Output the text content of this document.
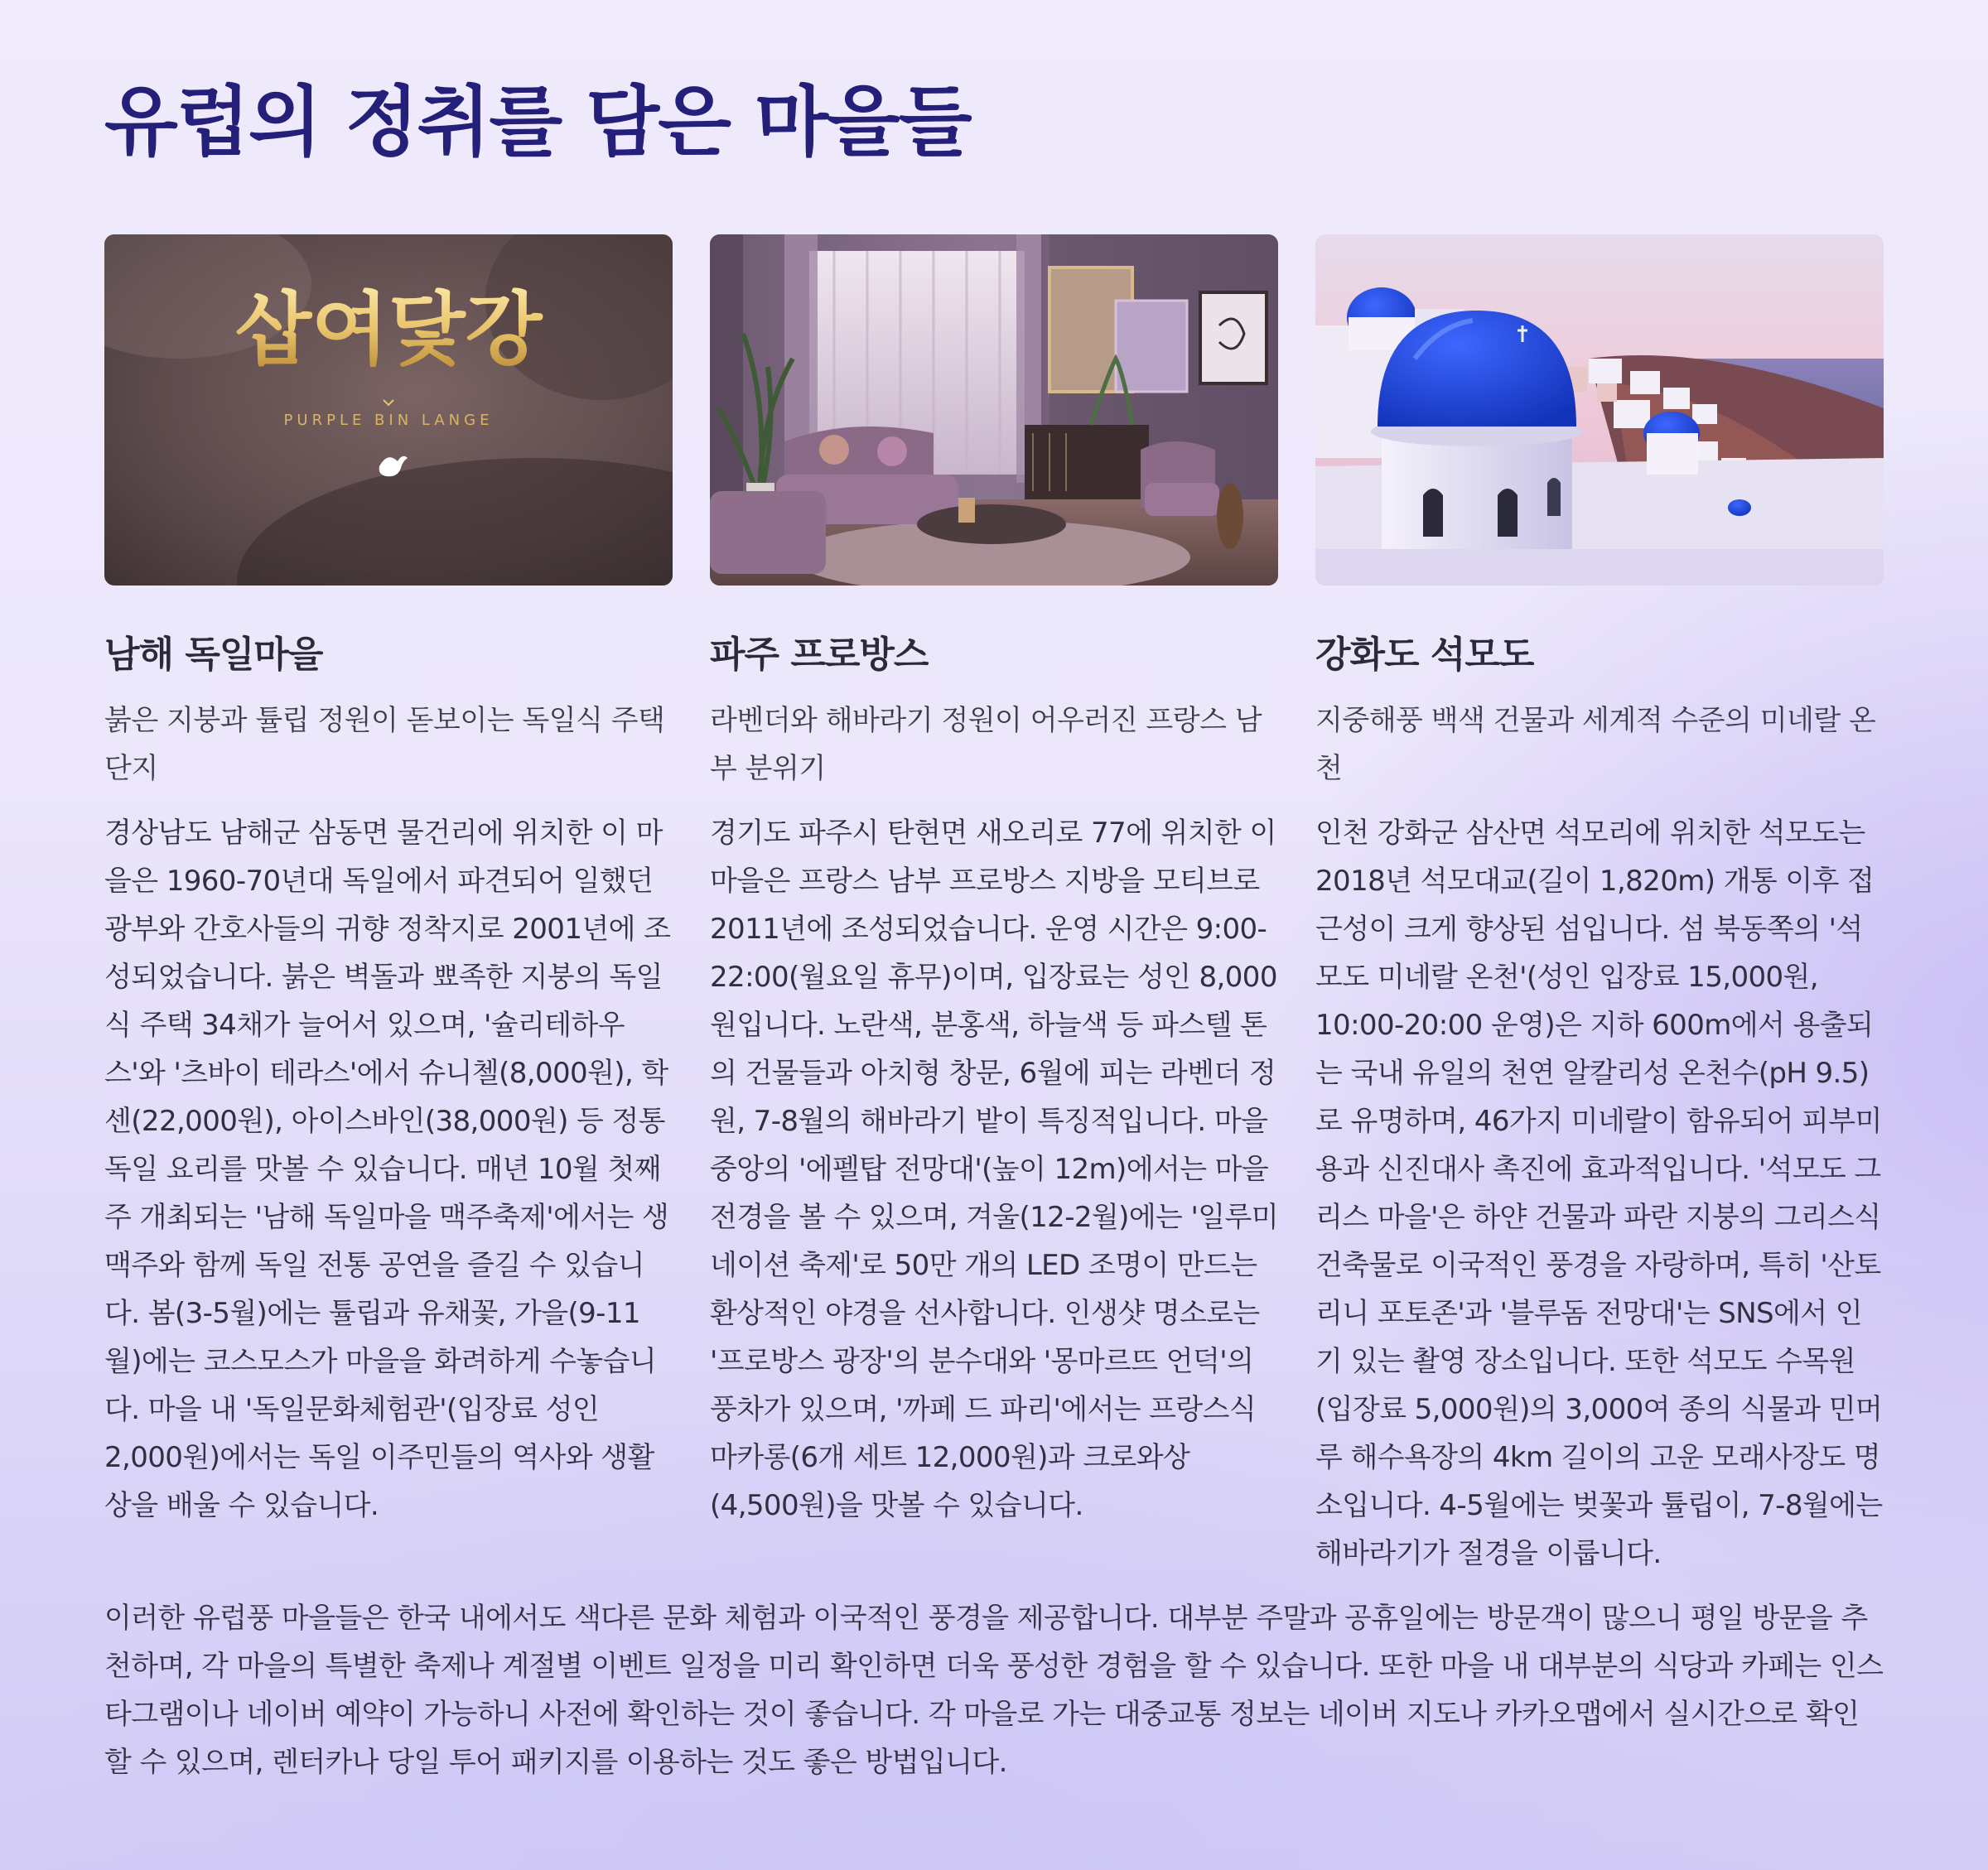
유럽의 정취를 담은 마을들
삽여닻강
PURPLE BIN LANGE
남해 독일마을
붉은 지붕과 튤립 정원이 돋보이는 독일식 주택 단지
경상남도 남해군 삼동면 물건리에 위치한 이 마을은 1960-70년대 독일에서 파견되어 일했던 광부와 간호사들의 귀향 정착지로 2001년에 조성되었습니다. 붉은 벽돌과 뾰족한 지붕의 독일식 주택 34채가 늘어서 있으며, '슐리테하우스'와 '츠바이 테라스'에서 슈니첼(8,000원), 학센(22,000원), 아이스바인(38,000원) 등 정통 독일 요리를 맛볼 수 있습니다. 매년 10월 첫째 주 개최되는 '남해 독일마을 맥주축제'에서는 생맥주와 함께 독일 전통 공연을 즐길 수 있습니다. 봄(3-5월)에는 튤립과 유채꽃, 가을(9-11월)에는 코스모스가 마을을 화려하게 수놓습니다. 마을 내 '독일문화체험관'(입장료 성인 2,000원)에서는 독일 이주민들의 역사와 생활상을 배울 수 있습니다.
파주 프로방스
라벤더와 해바라기 정원이 어우러진 프랑스 남부 분위기
경기도 파주시 탄현면 새오리로 77에 위치한 이 마을은 프랑스 남부 프로방스 지방을 모티브로 2011년에 조성되었습니다. 운영 시간은 9:00-22:00(월요일 휴무)이며, 입장료는 성인 8,000원입니다. 노란색, 분홍색, 하늘색 등 파스텔 톤의 건물들과 아치형 창문, 6월에 피는 라벤더 정원, 7-8월의 해바라기 밭이 특징적입니다. 마을 중앙의 '에펠탑 전망대'(높이 12m)에서는 마을 전경을 볼 수 있으며, 겨울(12-2월)에는 '일루미네이션 축제'로 50만 개의 LED 조명이 만드는 환상적인 야경을 선사합니다. 인생샷 명소로는 '프로방스 광장'의 분수대와 '몽마르뜨 언덕'의 풍차가 있으며, '까페 드 파리'에서는 프랑스식 마카롱(6개 세트 12,000원)과 크로와상(4,500원)을 맛볼 수 있습니다.
강화도 석모도
지중해풍 백색 건물과 세계적 수준의 미네랄 온천
인천 강화군 삼산면 석모리에 위치한 석모도는 2018년 석모대교(길이 1,820m) 개통 이후 접근성이 크게 향상된 섬입니다. 섬 북동쪽의 '석모도 미네랄 온천'(성인 입장료 15,000원, 10:00-20:00 운영)은 지하 600m에서 용출되는 국내 유일의 천연 알칼리성 온천수(pH 9.5)로 유명하며, 46가지 미네랄이 함유되어 피부미용과 신진대사 촉진에 효과적입니다. '석모도 그리스 마을'은 하얀 건물과 파란 지붕의 그리스식 건축물로 이국적인 풍경을 자랑하며, 특히 '산토리니 포토존'과 '블루돔 전망대'는 SNS에서 인기 있는 촬영 장소입니다. 또한 석모도 수목원(입장료 5,000원)의 3,000여 종의 식물과 민머루 해수욕장의 4km 길이의 고운 모래사장도 명소입니다. 4-5월에는 벚꽃과 튤립이, 7-8월에는 해바라기가 절경을 이룹니다.
이러한 유럽풍 마을들은 한국 내에서도 색다른 문화 체험과 이국적인 풍경을 제공합니다. 대부분 주말과 공휴일에는 방문객이 많으니 평일 방문을 추천하며, 각 마을의 특별한 축제나 계절별 이벤트 일정을 미리 확인하면 더욱 풍성한 경험을 할 수 있습니다. 또한 마을 내 대부분의 식당과 카페는 인스타그램이나 네이버 예약이 가능하니 사전에 확인하는 것이 좋습니다. 각 마을로 가는 대중교통 정보는 네이버 지도나 카카오맵에서 실시간으로 확인할 수 있으며, 렌터카나 당일 투어 패키지를 이용하는 것도 좋은 방법입니다.
